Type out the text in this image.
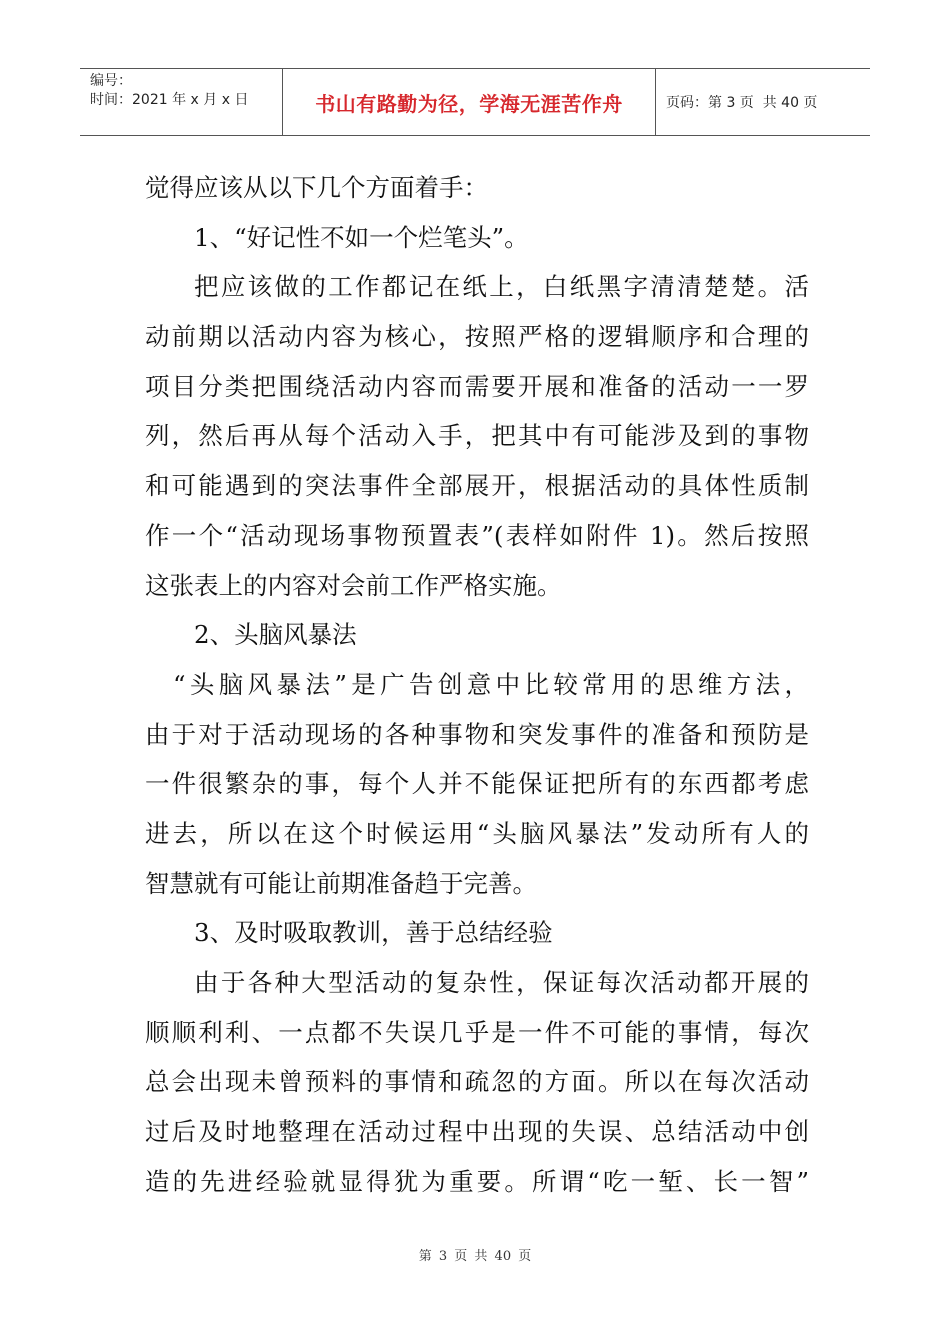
编号：
时间：2021 年 x 月 x 日	书山有路勤为径，学海无涯苦作舟	页码：第 3 页  共 40 页
觉得应该从以下几个方面着手：
1、“好记性不如一个烂笔头”。
把应该做的工作都记在纸上，白纸黑字清清楚楚。活
动前期以活动内容为核心，按照严格的逻辑顺序和合理的
项目分类把围绕活动内容而需要开展和准备的活动一一罗
列，然后再从每个活动入手，把其中有可能涉及到的事物
和可能遇到的突法事件全部展开，根据活动的具体性质制
作一个“活动现场事物预置表”(表样如附件 1)。然后按照
这张表上的内容对会前工作严格实施。
2、头脑风暴法
“头脑风暴法”是广告创意中比较常用的思维方法，
由于对于活动现场的各种事物和突发事件的准备和预防是
一件很繁杂的事，每个人并不能保证把所有的东西都考虑
进去，所以在这个时候运用“头脑风暴法”发动所有人的
智慧就有可能让前期准备趋于完善。
3、及时吸取教训，善于总结经验
由于各种大型活动的复杂性，保证每次活动都开展的
顺顺利利、一点都不失误几乎是一件不可能的事情，每次
总会出现未曾预料的事情和疏忽的方面。所以在每次活动
过后及时地整理在活动过程中出现的失误、总结活动中创
造的先进经验就显得犹为重要。所谓“吃一堑、长一智”
第 3 页 共 40 页
